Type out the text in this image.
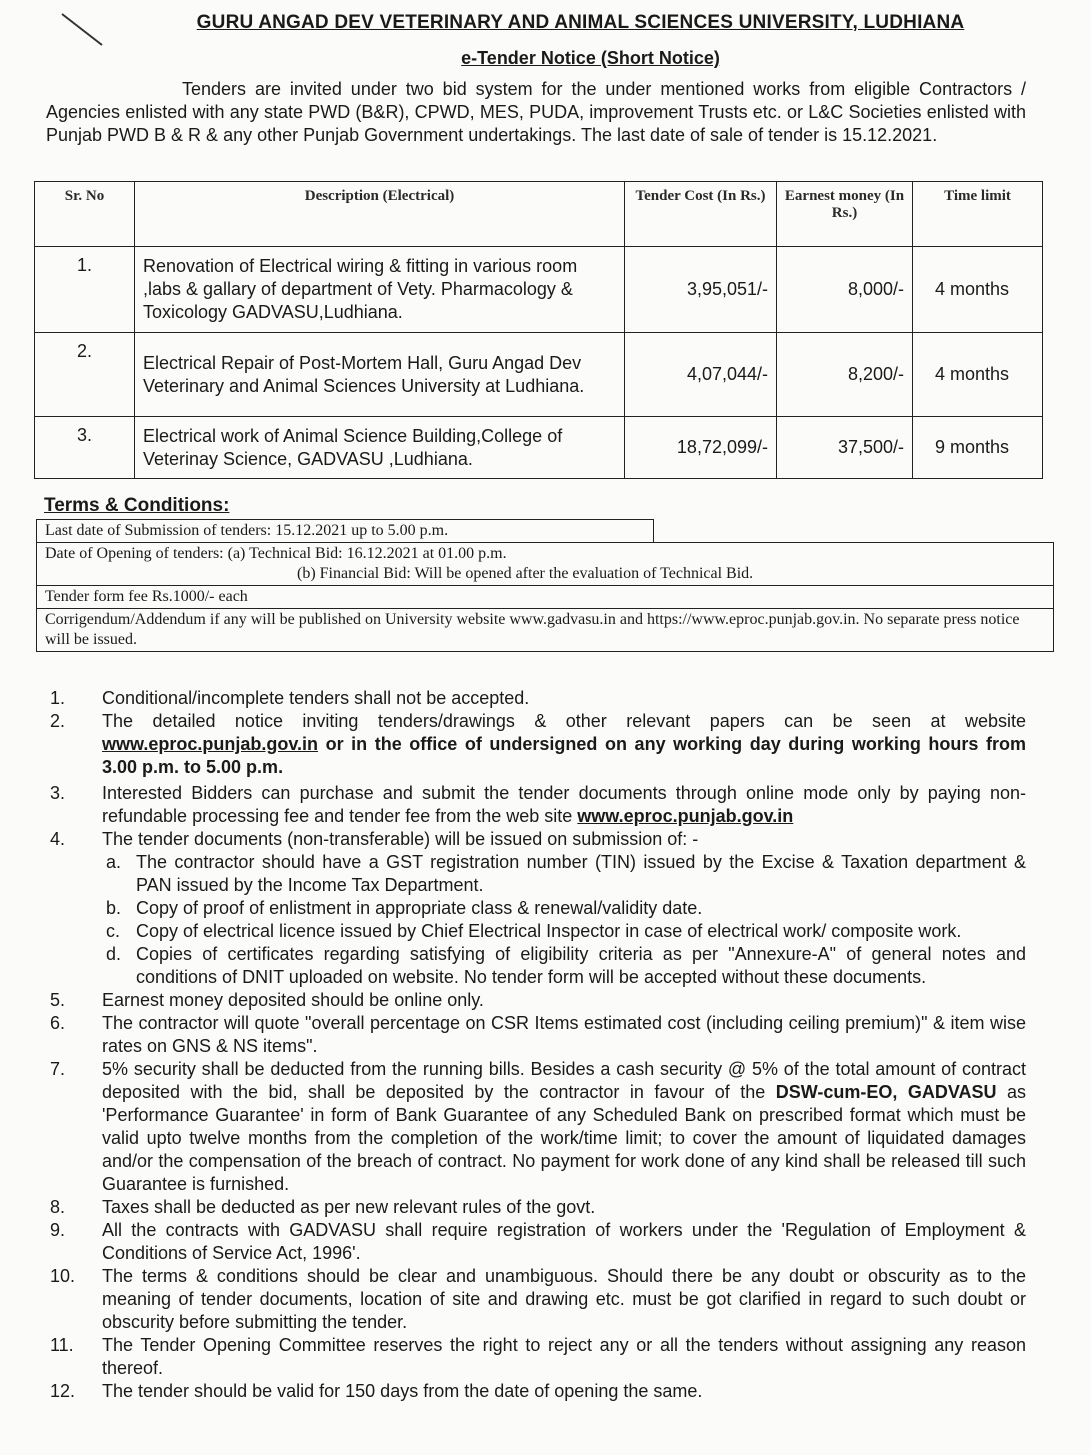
GURU ANGAD DEV VETERINARY AND ANIMAL SCIENCES UNIVERSITY, LUDHIANA
e-Tender Notice (Short Notice)

Tenders are invited under two bid system for the under mentioned works from eligible Contractors / Agencies enlisted with any state PWD (B&R), CPWD, MES, PUDA, improvement Trusts etc. or L&C Societies enlisted with Punjab PWD B & R & any other Punjab Government undertakings. The last date of sale of tender is 15.12.2021.

Sr. No	Description (Electrical)	Tender Cost (In Rs.)	Earnest money (In Rs.)	Time limit
1.	Renovation of Electrical wiring & fitting in various room ,labs & gallary of department of Vety. Pharmacology & Toxicology GADVASU,Ludhiana.	3,95,051/-	8,000/-	4 months
2.	Electrical Repair of Post-Mortem Hall, Guru Angad Dev Veterinary and Animal Sciences University at Ludhiana.	4,07,044/-	8,200/-	4 months
3.	Electrical work of Animal Science Building,College of Veterinay Science, GADVASU ,Ludhiana.	18,72,099/-	37,500/-	9 months
Terms & Conditions:
Last date of Submission of tenders: 15.12.2021 up to 5.00 p.m.
Date of Opening of tenders: (a) Technical Bid: 16.12.2021 at 01.00 p.m.
(b) Financial Bid: Will be opened after the evaluation of Technical Bid.
Tender form fee Rs.1000/- each
Corrigendum/Addendum if any will be published on University website www.gadvasu.in and https://www.eproc.punjab.gov.in. No separate press notice will be issued.
1. Conditional/incomplete tenders shall not be accepted.
2. The detailed notice inviting tenders/drawings & other relevant papers can be seen at website www.eproc.punjab.gov.in or in the office of undersigned on any working day during working hours from 3.00 p.m. to 5.00 p.m.
3. Interested Bidders can purchase and submit the tender documents through online mode only by paying non-refundable processing fee and tender fee from the web site www.eproc.punjab.gov.in
4. The tender documents (non-transferable) will be issued on submission of: -
a. The contractor should have a GST registration number (TIN) issued by the Excise & Taxation department & PAN issued by the Income Tax Department.
b. Copy of proof of enlistment in appropriate class & renewal/validity date.
c. Copy of electrical licence issued by Chief Electrical Inspector in case of electrical work/ composite work.
d. Copies of certificates regarding satisfying of eligibility criteria as per "Annexure-A" of general notes and conditions of DNIT uploaded on website. No tender form will be accepted without these documents.
5. Earnest money deposited should be online only.
6. The contractor will quote "overall percentage on CSR Items estimated cost (including ceiling premium)" & item wise rates on GNS & NS items".
7. 5% security shall be deducted from the running bills. Besides a cash security @ 5% of the total amount of contract deposited with the bid, shall be deposited by the contractor in favour of the DSW-cum-EO, GADVASU as 'Performance Guarantee' in form of Bank Guarantee of any Scheduled Bank on prescribed format which must be valid upto twelve months from the completion of the work/time limit; to cover the amount of liquidated damages and/or the compensation of the breach of contract. No payment for work done of any kind shall be released till such Guarantee is furnished.
8. Taxes shall be deducted as per new relevant rules of the govt.
9. All the contracts with GADVASU shall require registration of workers under the 'Regulation of Employment & Conditions of Service Act, 1996'.
10. The terms & conditions should be clear and unambiguous. Should there be any doubt or obscurity as to the meaning of tender documents, location of site and drawing etc. must be got clarified in regard to such doubt or obscurity before submitting the tender.
11. The Tender Opening Committee reserves the right to reject any or all the tenders without assigning any reason thereof.
12. The tender should be valid for 150 days from the date of opening the same.
